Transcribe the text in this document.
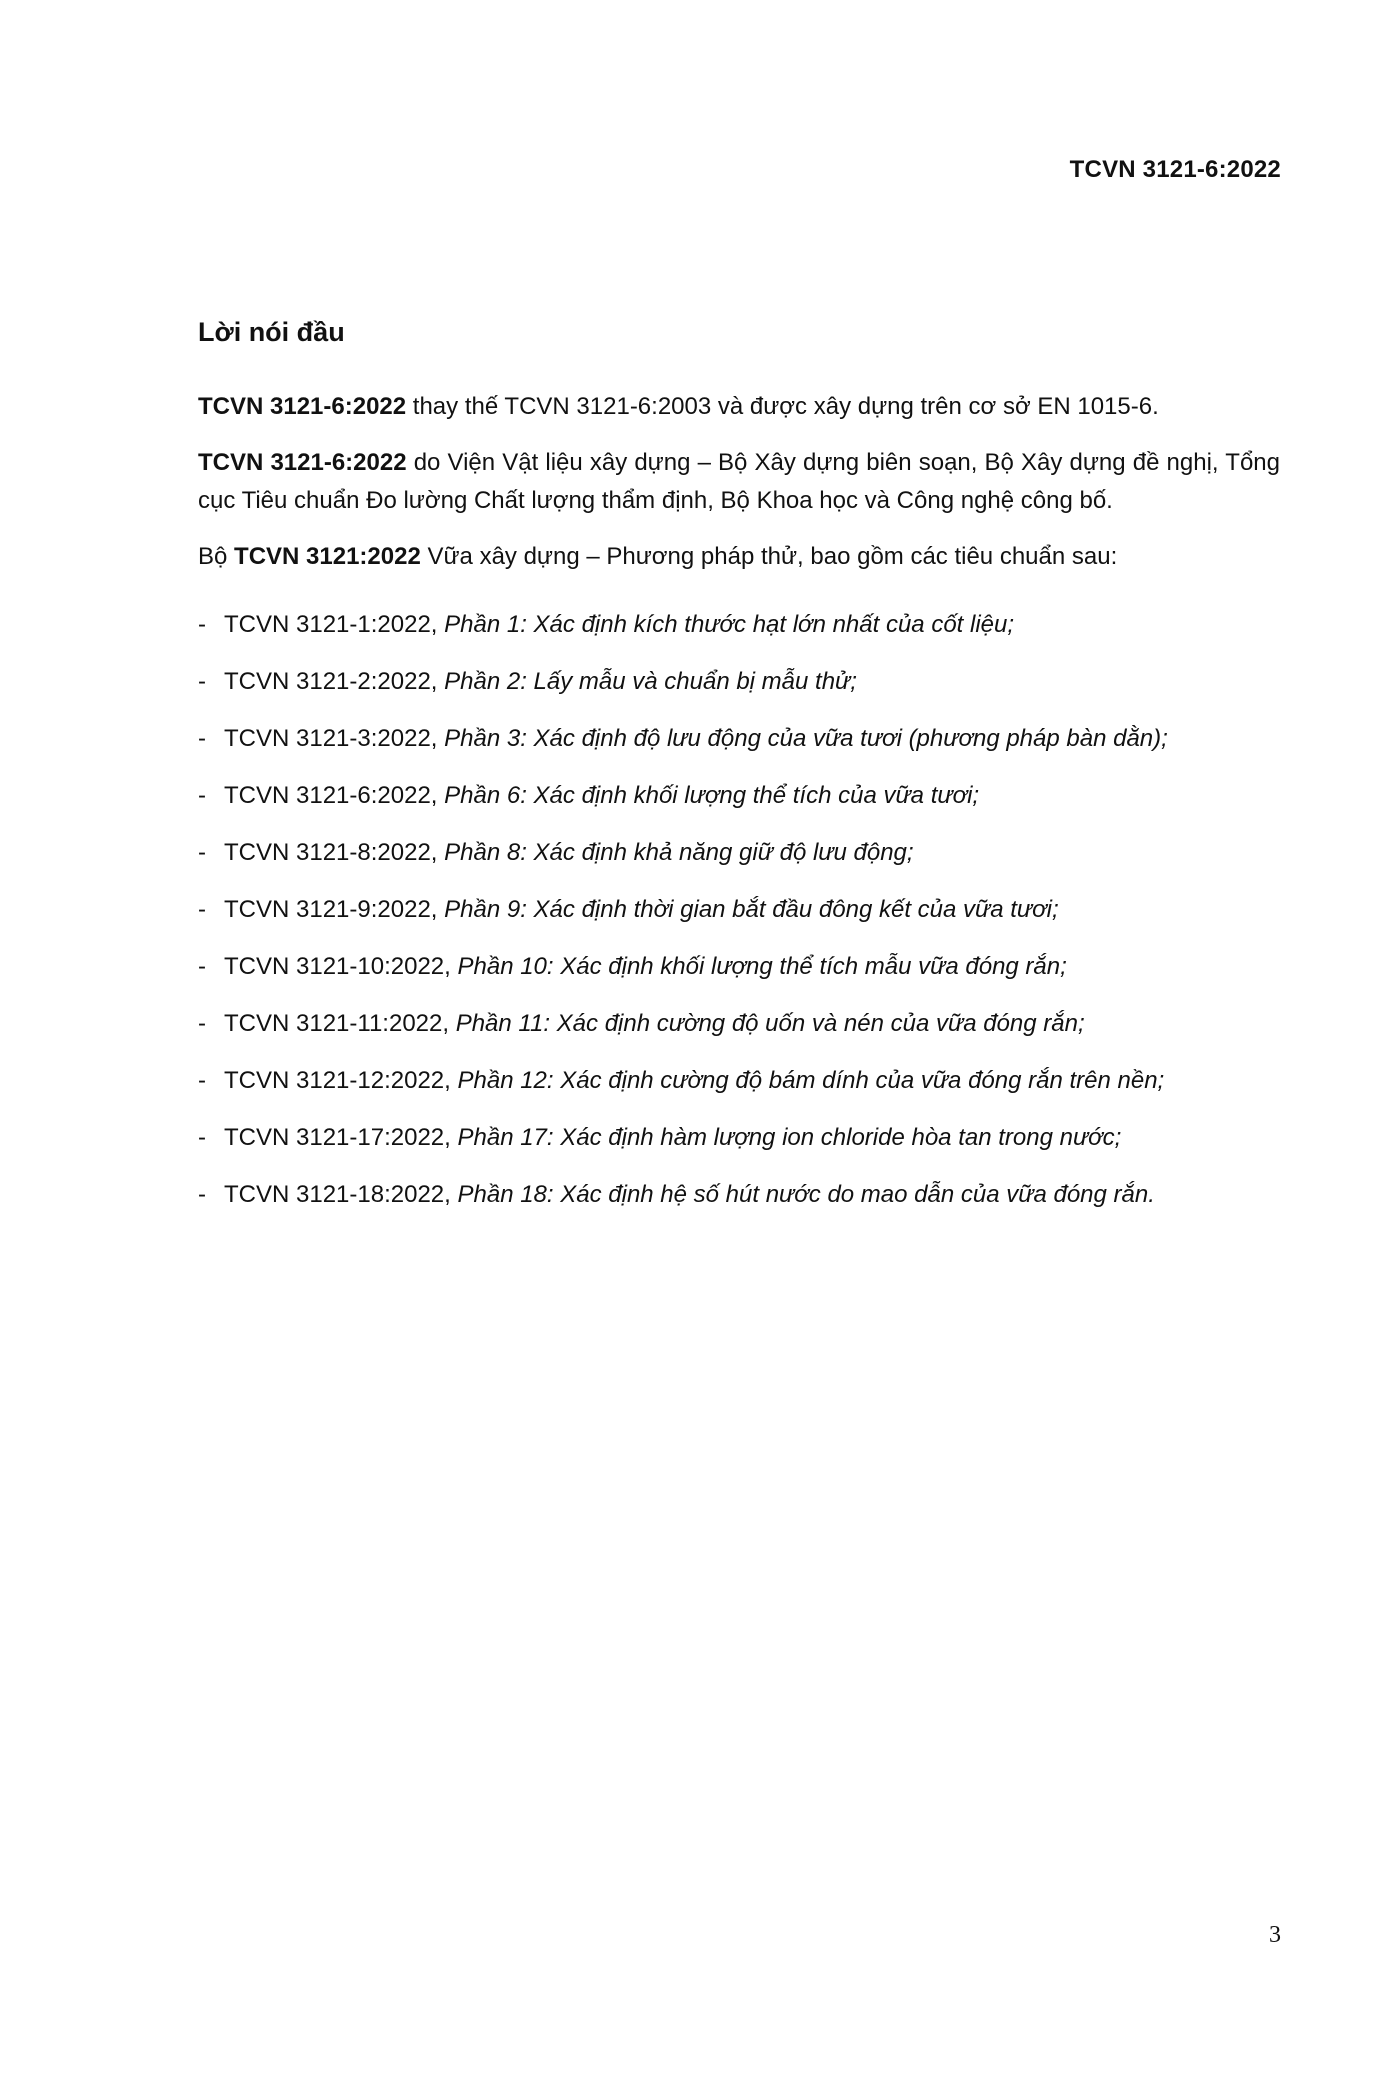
TCVN 3121-6:2022
Lời nói đầu

TCVN 3121-6:2022 thay thế TCVN 3121-6:2003 và được xây dựng trên cơ sở EN 1015-6.

TCVN 3121-6:2022 do Viện Vật liệu xây dựng – Bộ Xây dựng biên soạn, Bộ Xây dựng đề nghị, Tổng cục Tiêu chuẩn Đo lường Chất lượng thẩm định, Bộ Khoa học và Công nghệ công bố.

Bộ TCVN 3121:2022 Vữa xây dựng – Phương pháp thử, bao gồm các tiêu chuẩn sau:

- TCVN 3121-1:2022,
Phần 1: Xác định kích thước hạt lớn nhất của cốt liệu;
- TCVN 3121-2:2022,
Phần 2: Lấy mẫu và chuẩn bị mẫu thử;
- TCVN 3121-3:2022,
Phần 3: Xác định độ lưu động của vữa tươi (phương pháp bàn dằn);
- TCVN 3121-6:2022,
Phần 6: Xác định khối lượng thể tích của vữa tươi;
- TCVN 3121-8:2022,
Phần 8: Xác định khả năng giữ độ lưu động;
- TCVN 3121-9:2022,
Phần 9: Xác định thời gian bắt đầu đông kết của vữa tươi;
- TCVN 3121-10:2022,
Phần 10: Xác định khối lượng thể tích mẫu vữa đóng rắn;
- TCVN 3121-11:2022,
Phần 11: Xác định cường độ uốn và nén của vữa đóng rắn;
- TCVN 3121-12:2022,
Phần 12: Xác định cường độ bám dính của vữa đóng rắn trên nền;
- TCVN 3121-17:2022,
Phần 17: Xác định hàm lượng ion chloride hòa tan trong nước;
- TCVN 3121-18:2022,
Phần 18: Xác định hệ số hút nước do mao dẫn của vữa đóng rắn.
3
